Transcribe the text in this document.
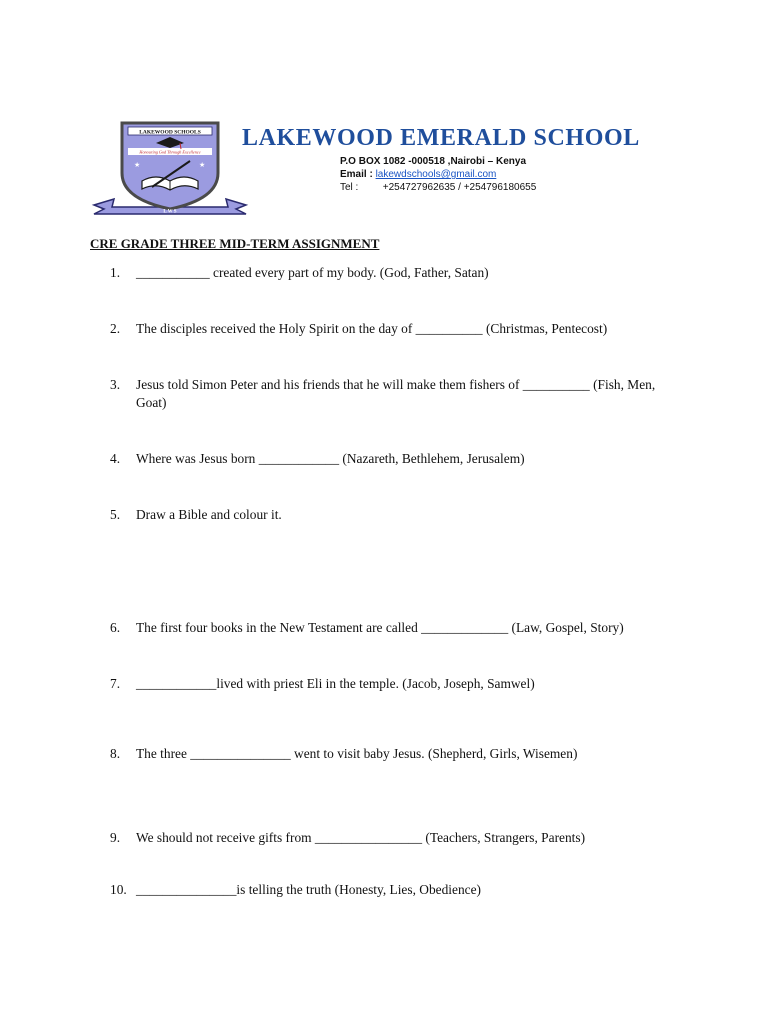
LAKEWOOD SCHOOLS
Honouring God Through Excellence
★	★
L W S
LAKEWOOD EMERALD SCHOOL
P.O BOX 1082 -000518 ,Nairobi – Kenya
Email : lakewdschools@gmail.com
Tel : +254727962635 / +254796180655
CRE GRADE THREE MID-TERM ASSIGNMENT
1.	___________ created every part of my body. (God, Father, Satan)
2.	The disciples received the Holy Spirit on the day of __________ (Christmas, Pentecost)
3.	Jesus told Simon Peter and his friends that he will make them fishers of __________ (Fish, Men, Goat)
4.	Where was Jesus born ____________ (Nazareth, Bethlehem, Jerusalem)
5.	Draw a Bible and colour it.
6.	The first four books in the New Testament are called _____________ (Law, Gospel, Story)
7.	____________lived with priest Eli in the temple. (Jacob, Joseph, Samwel)
8.	The three _______________ went to visit baby Jesus. (Shepherd, Girls, Wisemen)
9.	We should not receive gifts from ________________ (Teachers, Strangers, Parents)
10. _______________is telling the truth (Honesty, Lies, Obedience)
